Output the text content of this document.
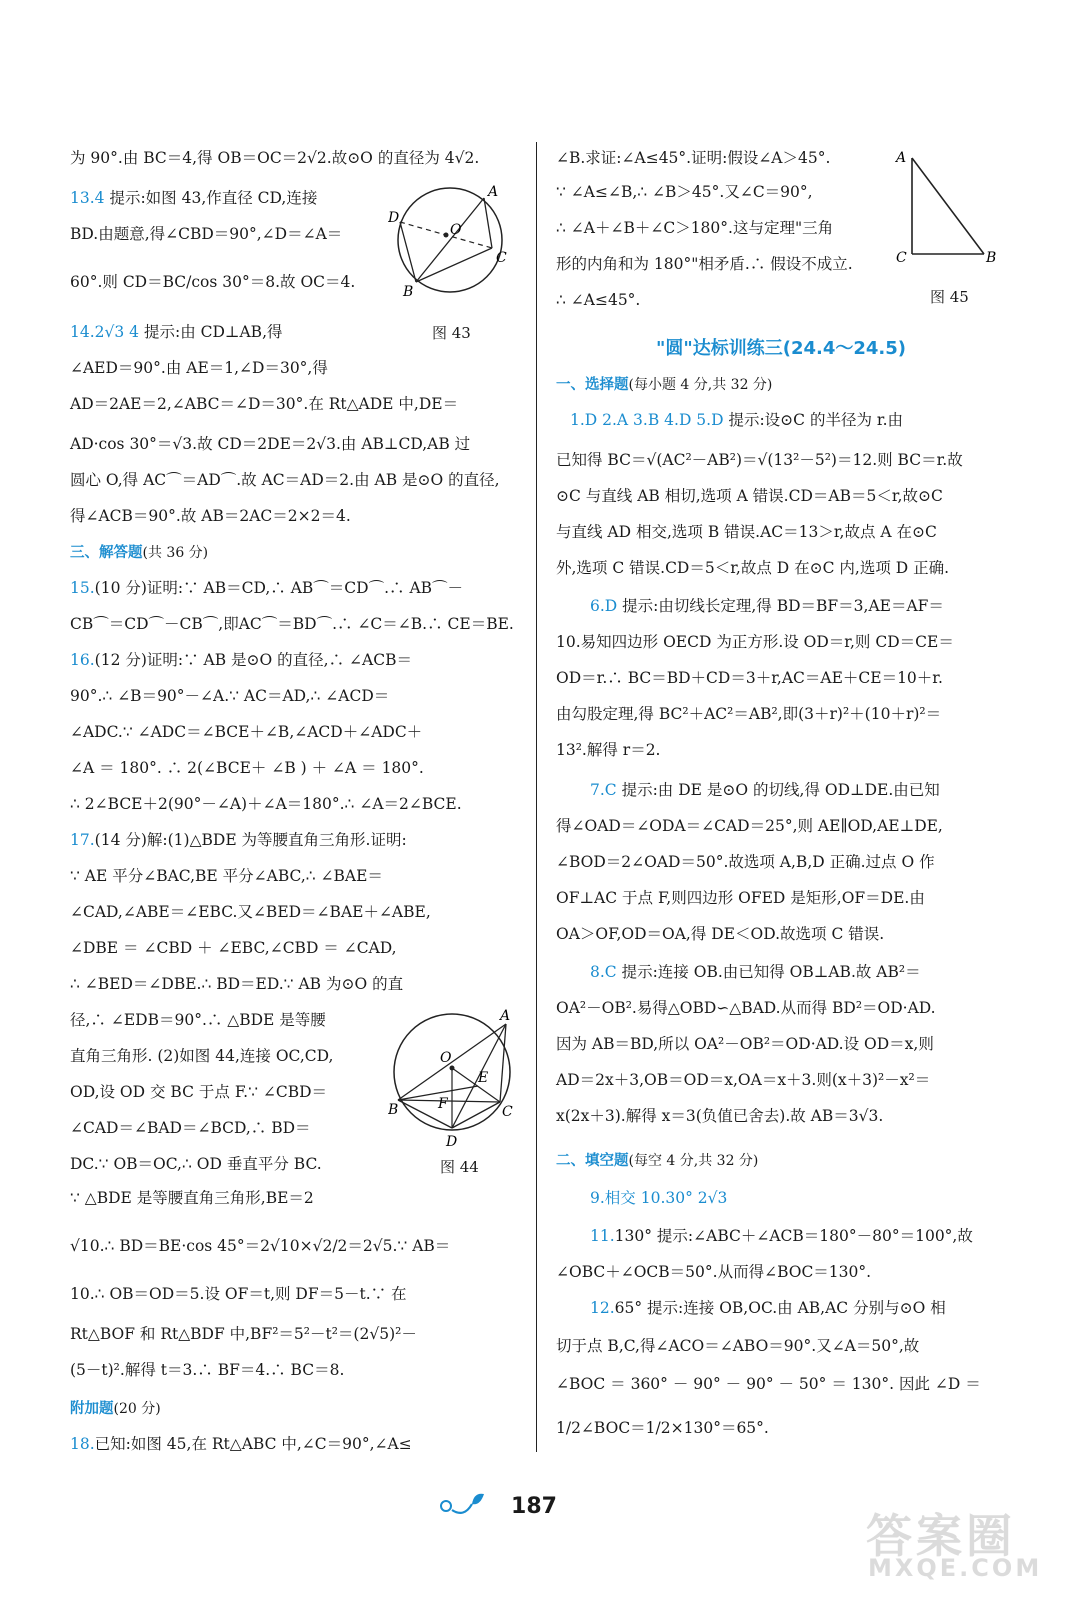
为 90°.由 BC＝4,得 OB＝OC＝2√2.故⊙O 的直径为 4√2.
13.4 提示:如图 43,作直径 CD,连接
BD.由题意,得∠CBD＝90°,∠D＝∠A＝
60°.则 CD＝BC/cos 30°＝8.故 OC＝4.
D
A
O
B
C
14.2√3 4 提示:由 CD⊥AB,得	图 43
∠AED＝90°.由 AE＝1,∠D＝30°,得
AD＝2AE＝2,∠ABC＝∠D＝30°.在 Rt△ADE 中,DE＝
AD·cos 30°＝√3.故 CD＝2DE＝2√3.由 AB⊥CD,AB 过
圆心 O,得 AC⌒＝AD⌒.故 AC＝AD＝2.由 AB 是⊙O 的直径,
得∠ACB＝90°.故 AB＝2AC＝2×2＝4.
三、解答题(共 36 分)
15.(10 分)证明:∵ AB＝CD,∴ AB⌒＝CD⌒.∴ AB⌒－
CB⌒＝CD⌒－CB⌒,即AC⌒＝BD⌒.∴ ∠C＝∠B.∴ CE＝BE.
16.(12 分)证明:∵ AB 是⊙O 的直径,∴ ∠ACB＝
90°.∴ ∠B＝90°－∠A.∵ AC＝AD,∴ ∠ACD＝
∠ADC.∵ ∠ADC＝∠BCE＋∠B,∠ACD＋∠ADC＋
∠A ＝ 180°. ∴ 2(∠BCE＋ ∠B ) ＋ ∠A ＝ 180°.
∴ 2∠BCE＋2(90°－∠A)＋∠A＝180°.∴ ∠A＝2∠BCE.
17.(14 分)解:(1)△BDE 为等腰直角三角形.证明:
∵ AE 平分∠BAC,BE 平分∠ABC,∴ ∠BAE＝
∠CAD,∠ABE＝∠EBC.又∠BED＝∠BAE＋∠ABE,
∠DBE ＝ ∠CBD ＋ ∠EBC,∠CBD ＝ ∠CAD,
∴ ∠BED＝∠DBE.∴ BD＝ED.∵ AB 为⊙O 的直
径,∴ ∠EDB＝90°.∴ △BDE 是等腰
直角三角形. (2)如图 44,连接 OC,CD,
OD,设 OD 交 BC 于点 F.∵ ∠CBD＝
∠CAD＝∠BAD＝∠BCD,∴ BD＝
DC.∵ OB＝OC,∴ OD 垂直平分 BC.
A
O
E
B	F	C
D
图 44
∵ △BDE 是等腰直角三角形,BE＝2
√10.∴ BD＝BE·cos 45°＝2√10×√2/2＝2√5.∵ AB＝
10.∴ OB＝OD＝5.设 OF＝t,则 DF＝5－t.∵ 在
Rt△BOF 和 Rt△BDF 中,BF²＝5²－t²＝(2√5)²－
(5－t)².解得 t＝3.∴ BF＝4.∴ BC＝8.
附加题(20 分)
18.已知:如图 45,在 Rt△ABC 中,∠C＝90°,∠A≤
∠B.求证:∠A≤45°.证明:假设∠A＞45°.
∵ ∠A≤∠B,∴ ∠B＞45°.又∠C＝90°,
∴ ∠A＋∠B＋∠C＞180°.这与定理"三角
形的内角和为 180°"相矛盾.∴ 假设不成立.
∴ ∠A≤45°.
A
C	B
图 45
"圆"达标训练三(24.4～24.5)
一、选择题(每小题 4 分,共 32 分)
1.D 2.A 3.B 4.D 5.D 提示:设⊙C 的半径为 r.由
已知得 BC＝√(AC²－AB²)＝√(13²－5²)＝12.则 BC＝r.故
⊙C 与直线 AB 相切,选项 A 错误.CD＝AB＝5＜r,故⊙C
与直线 AD 相交,选项 B 错误.AC＝13＞r,故点 A 在⊙C
外,选项 C 错误.CD＝5＜r,故点 D 在⊙C 内,选项 D 正确.
6.D 提示:由切线长定理,得 BD＝BF＝3,AE＝AF＝
10.易知四边形 OECD 为正方形.设 OD＝r,则 CD＝CE＝
OD＝r.∴ BC＝BD＋CD＝3＋r,AC＝AE＋CE＝10＋r.
由勾股定理,得 BC²＋AC²＝AB²,即(3＋r)²＋(10＋r)²＝
13².解得 r＝2.
7.C 提示:由 DE 是⊙O 的切线,得 OD⊥DE.由已知
得∠OAD＝∠ODA＝∠CAD＝25°,则 AE∥OD,AE⊥DE,
∠BOD＝2∠OAD＝50°.故选项 A,B,D 正确.过点 O 作
OF⊥AC 于点 F,则四边形 OFED 是矩形,OF＝DE.由
OA＞OF,OD＝OA,得 DE＜OD.故选项 C 错误.
8.C 提示:连接 OB.由已知得 OB⊥AB.故 AB²＝
OA²－OB².易得△OBD∽△BAD.从而得 BD²＝OD·AD.
因为 AB＝BD,所以 OA²－OB²＝OD·AD.设 OD＝x,则
AD＝2x＋3,OB＝OD＝x,OA＝x＋3.则(x＋3)²－x²＝
x(2x＋3).解得 x＝3(负值已舍去).故 AB＝3√3.
二、填空题(每空 4 分,共 32 分)
9.相交 10.30° 2√3
11.130° 提示:∠ABC＋∠ACB＝180°－80°＝100°,故
∠OBC＋∠OCB＝50°.从而得∠BOC＝130°.
12.65° 提示:连接 OB,OC.由 AB,AC 分别与⊙O 相
切于点 B,C,得∠ACO＝∠ABO＝90°.又∠A＝50°,故
∠BOC ＝ 360° － 90° － 90° － 50° ＝ 130°. 因此 ∠D ＝
1/2∠BOC＝1/2×130°＝65°.
187
答案圈
MXQE.COM
